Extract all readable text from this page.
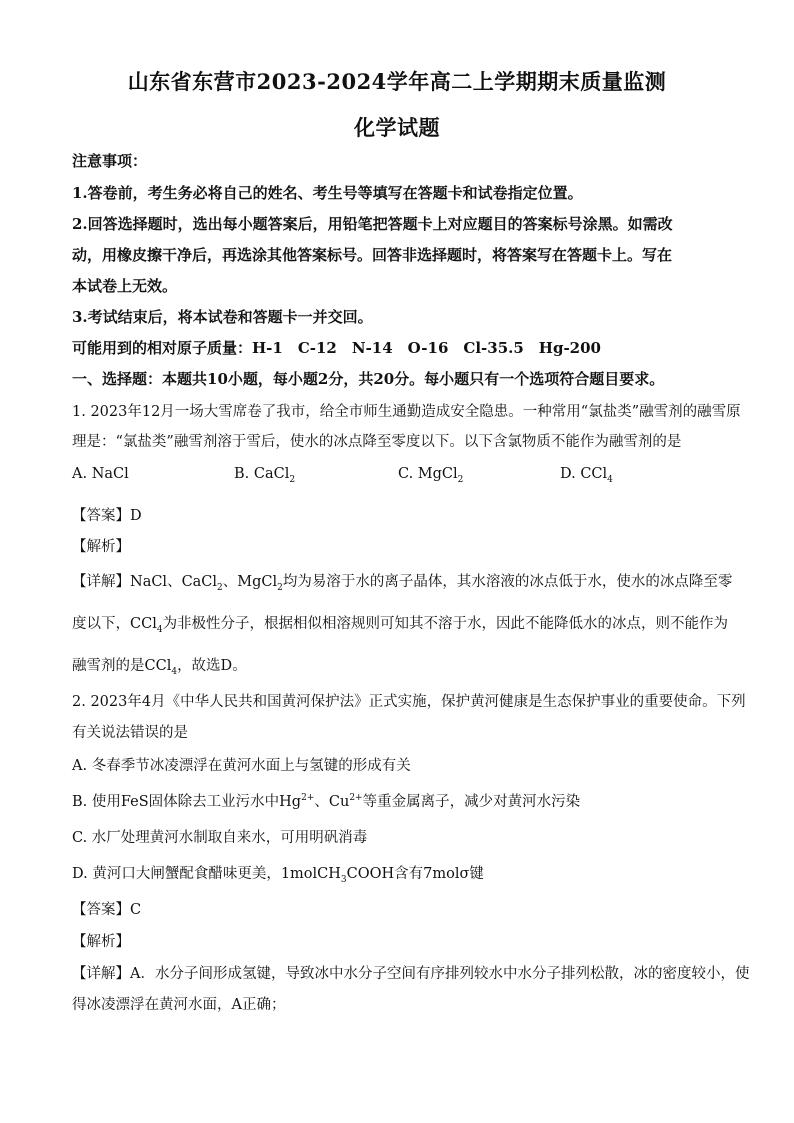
山东省东营市2023-2024学年高二上学期期末质量监测
化学试题
注意事项：
1.答卷前，考生务必将自己的姓名、考生号等填写在答题卡和试卷指定位置。
2.回答选择题时，选出每小题答案后，用铅笔把答题卡上对应题目的答案标号涂黑。如需改
动，用橡皮擦干净后，再选涂其他答案标号。回答非选择题时，将答案写在答题卡上。写在
本试卷上无效。
3.考试结束后，将本试卷和答题卡一并交回。
可能用到的相对原子质量：H-1　C-12　N-14　O-16　Cl-35.5　Hg-200
一、选择题：本题共10小题，每小题2分，共20分。每小题只有一个选项符合题目要求。
1. 2023年12月一场大雪席卷了我市，给全市师生通勤造成安全隐患。一种常用“氯盐类”融雪剂的融雪原
理是：“氯盐类”融雪剂溶于雪后，使水的冰点降至零度以下。以下含氯物质不能作为融雪剂的是
A. NaCl	B. CaCl$_2$	C. MgCl$_2$	D. CCl$_4$
【答案】D
【解析】
【详解】NaCl、CaCl$_2$、MgCl$_2$均为易溶于水的离子晶体，其水溶液的冰点低于水，使水的冰点降至零
度以下，CCl$_4$为非极性分子，根据相似相溶规则可知其不溶于水，因此不能降低水的冰点，则不能作为
融雪剂的是CCl$_4$，故选D。
2. 2023年4月《中华人民共和国黄河保护法》正式实施，保护黄河健康是生态保护事业的重要使命。下列
有关说法错误的是
A. 冬春季节冰凌漂浮在黄河水面上与氢键的形成有关
B. 使用FeS固体除去工业污水中$Hg^{2+}$、$Cu^{2+}$等重金属离子，减少对黄河水污染
C. 水厂处理黄河水制取自来水，可用明矾消毒
D. 黄河口大闸蟹配食醋味更美，1molCH$_3$COOH含有7molσ键
【答案】C
【解析】
【详解】A．水分子间形成氢键，导致冰中水分子空间有序排列较水中水分子排列松散，冰的密度较小，使
得冰凌漂浮在黄河水面，A正确；
